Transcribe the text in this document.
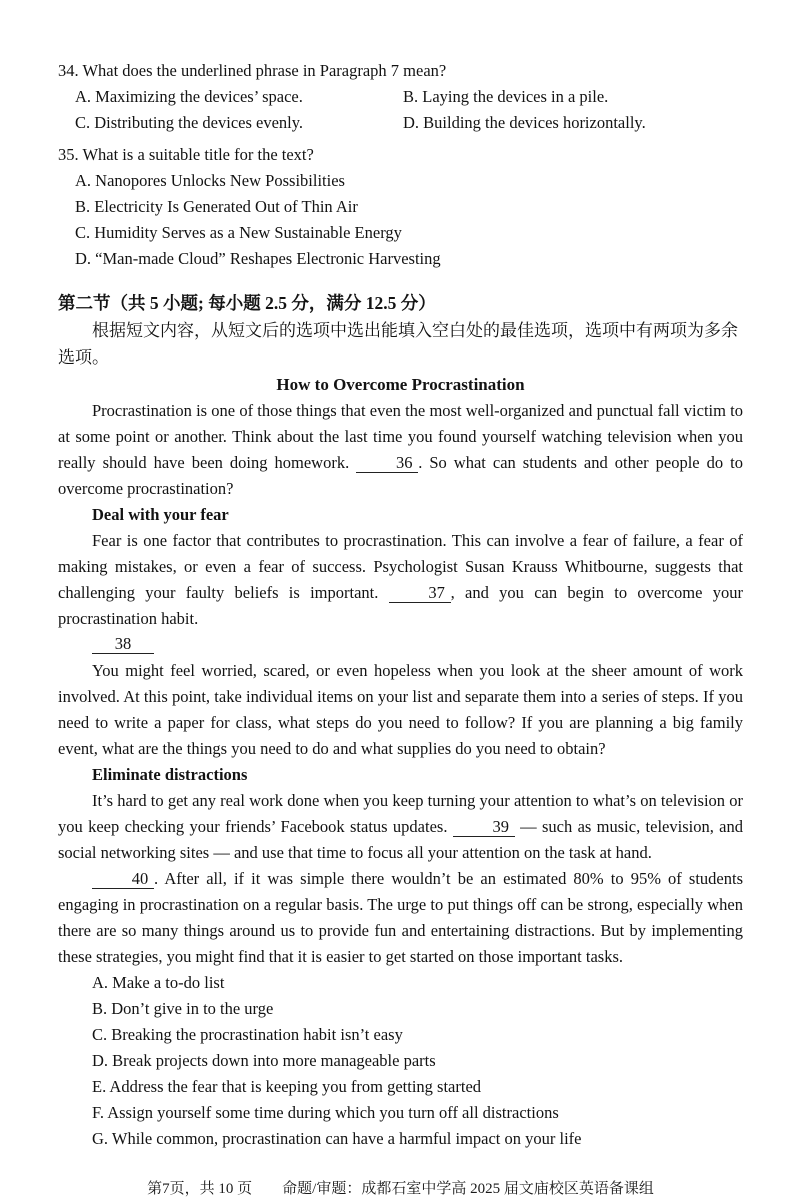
34. What does the underlined phrase in Paragraph 7 mean?
A. Maximizing the devices’ space.	B. Laying the devices in a pile.
C. Distributing the devices evenly.	D. Building the devices horizontally.
35. What is a suitable title for the text?
A. Nanopores Unlocks New Possibilities
B. Electricity Is Generated Out of Thin Air
C. Humidity Serves as a New Sustainable Energy
D. “Man-made Cloud” Reshapes Electronic Harvesting
第二节（共 5 小题; 每小题 2.5 分，满分 12.5 分）
根据短文内容，从短文后的选项中选出能填入空白处的最佳选项，选项中有两项为多余选项。
How to Overcome Procrastination

Procrastination is one of those things that even the most well-organized and punctual fall victim to at some point or another. Think about the last time you found yourself watching television when you really should have been doing homework. 36 . So what can students and other people do to overcome procrastination?

Deal with your fear

Fear is one factor that contributes to procrastination. This can involve a fear of failure, a fear of making mistakes, or even a fear of success. Psychologist Susan Krauss Whitbourne, suggests that challenging your faulty beliefs is important. 37 , and you can begin to overcome your procrastination habit.

38

You might feel worried, scared, or even hopeless when you look at the sheer amount of work involved. At this point, take individual items on your list and separate them into a series of steps. If you need to write a paper for class, what steps do you need to follow? If you are planning a big family event, what are the things you need to do and what supplies do you need to obtain?

Eliminate distractions

It’s hard to get any real work done when you keep turning your attention to what’s on television or you keep checking your friends’ Facebook status updates. 39 — such as music, television, and social networking sites — and use that time to focus all your attention on the task at hand.

40 . After all, if it was simple there wouldn’t be an estimated 80% to 95% of students engaging in procrastination on a regular basis. The urge to put things off can be strong, especially when there are so many things around us to provide fun and entertaining distractions. But by implementing these strategies, you might find that it is easier to get started on those important tasks.

A. Make a to-do list
B. Don’t give in to the urge
C. Breaking the procrastination habit isn’t easy
D. Break projects down into more manageable parts
E. Address the fear that is keeping you from getting started
F. Assign yourself some time during which you turn off all distractions
G. While common, procrastination can have a harmful impact on your life
第7页，共 10 页 命题/审题：成都石室中学高 2025 届文庙校区英语备课组
